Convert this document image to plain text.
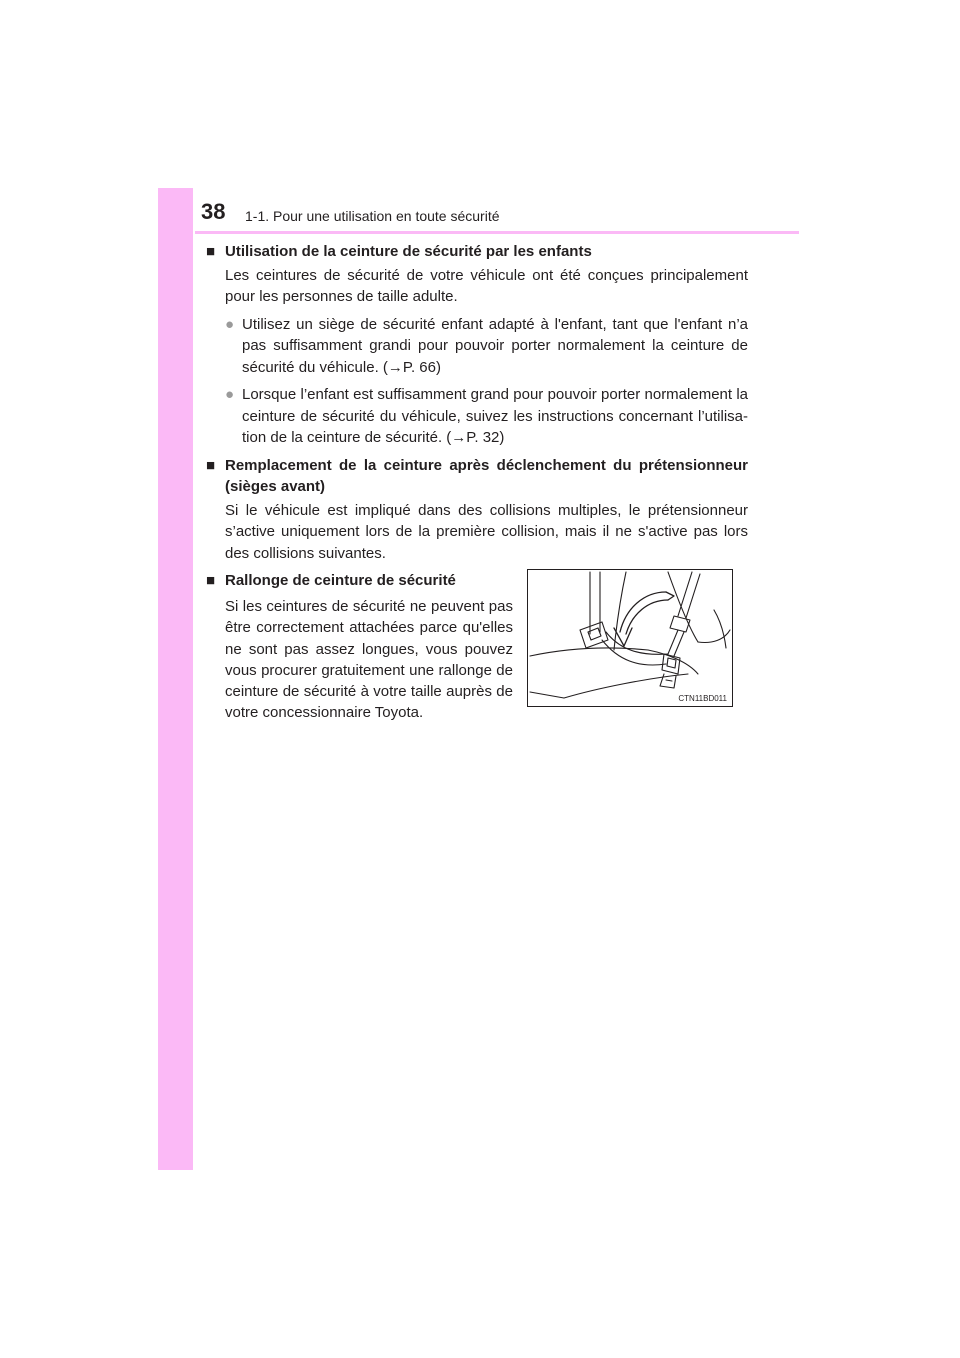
38 1-1. Pour une utilisation en toute sécurité
■ Utilisation de la ceinture de sécurité par les enfants
Les ceintures de sécurité de votre véhicule ont été conçues principalement pour les personnes de taille adulte.
● Utilisez un siège de sécurité enfant adapté à l'enfant, tant que l'enfant n’a pas suffisamment grandi pour pouvoir porter normalement la ceinture de sécurité du véhicule. (→P. 66)
● Lorsque l’enfant est suffisamment grand pour pouvoir porter normalement la ceinture de sécurité du véhicule, suivez les instructions concernant l’utilisa-tion de la ceinture de sécurité. (→P. 32)
■ Remplacement de la ceinture après déclenchement du prétensionneur (sièges avant)
Si le véhicule est impliqué dans des collisions multiples, le prétensionneur s’active uniquement lors de la première collision, mais il ne s'active pas lors des collisions suivantes.
■ Rallonge de ceinture de sécurité
Si les ceintures de sécurité ne peuvent pas être correctement attachées parce qu'elles ne sont pas assez longues, vous pouvez vous procurer gratuitement une rallonge de ceinture de sécurité à votre taille auprès de votre concessionnaire Toyota.
CTN11BD011
